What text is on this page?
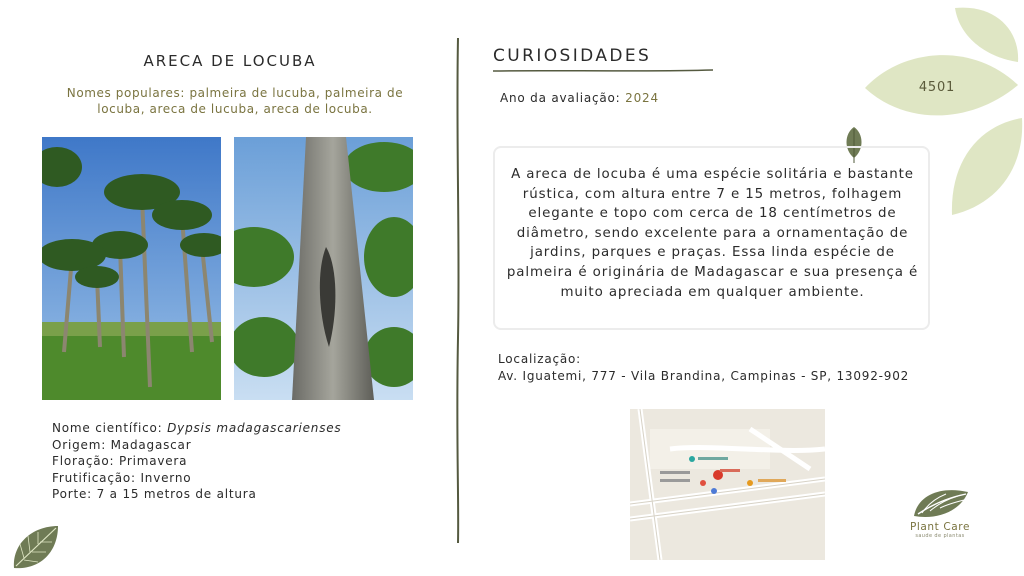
4501
ARECA DE LOCUBA
Nomes populares: palmeira de lucuba, palmeira de locuba, areca de lucuba, areca de locuba.
Nome científico: Dypsis madagascarienses
Origem: Madagascar
Floração: Primavera
Frutificação: Inverno
Porte: 7 a 15 metros de altura
CURIOSIDADES
Ano da avaliação: 2024
A areca de locuba é uma espécie solitária e bastante rústica, com altura entre 7 e 15 metros, folhagem elegante e topo com cerca de 18 centímetros de diâmetro, sendo excelente para a ornamentação de jardins, parques e praças. Essa linda espécie de palmeira é originária de Madagascar e sua presença é muito apreciada em qualquer ambiente.
Localização:
Av. Iguatemi, 777 - Vila Brandina, Campinas - SP, 13092-902
Plant Care
saude de plantas
